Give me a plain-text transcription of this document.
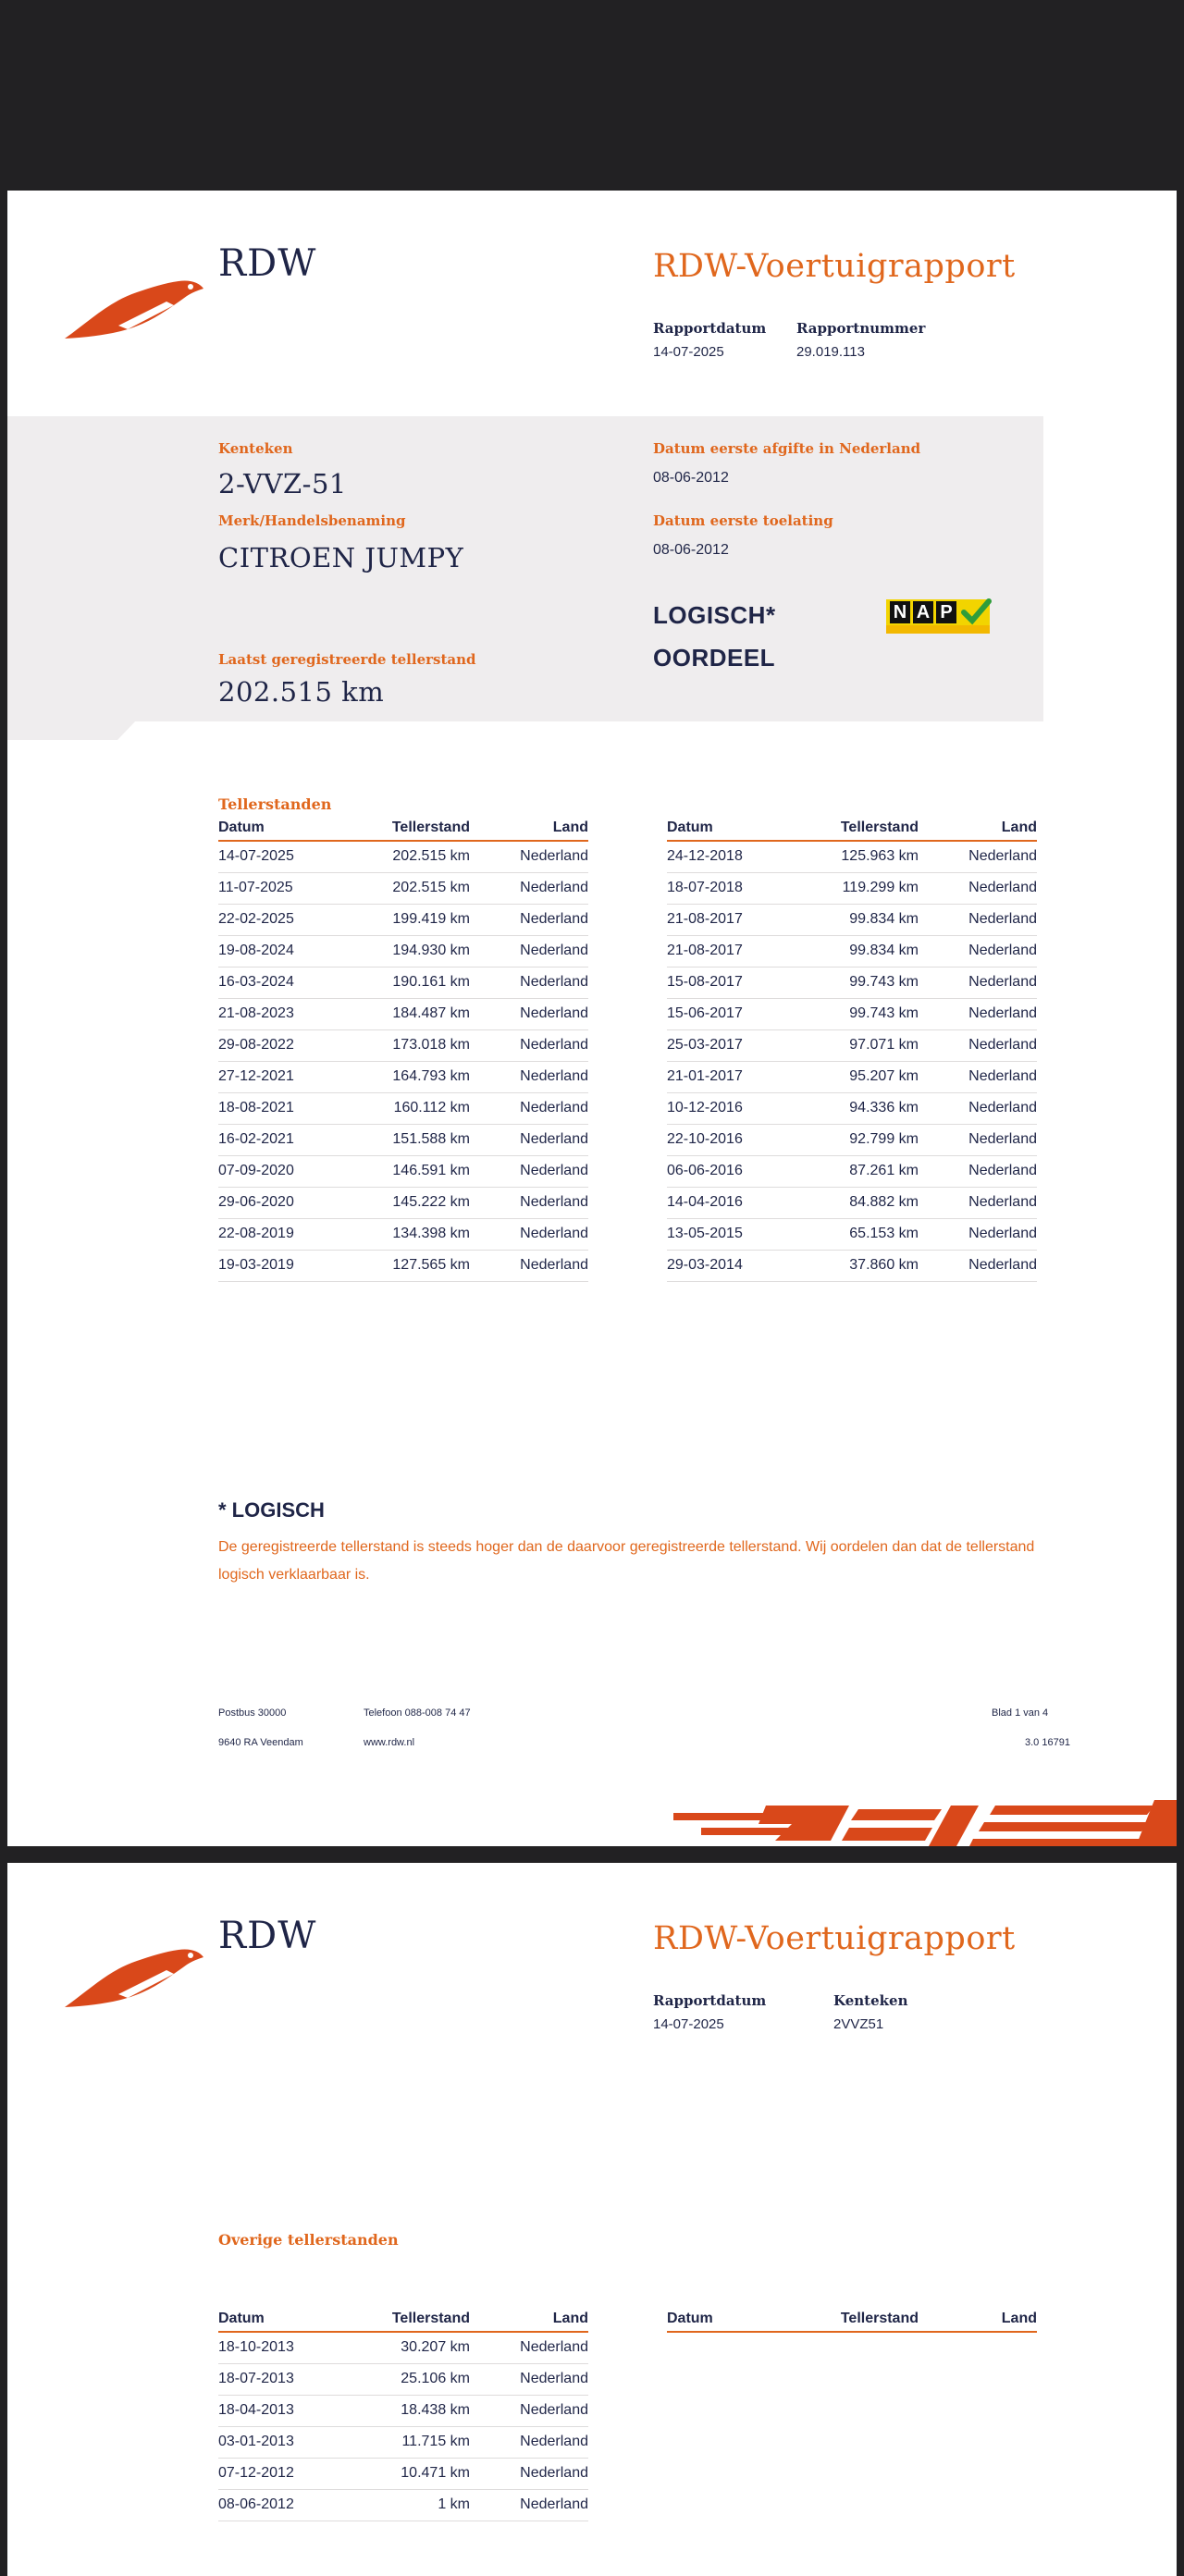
RDW	RDW-Voertuigrapport
Rapportdatum
14-07-2025
Rapportnummer
29.019.113
Kenteken
2-VVZ-51
Merk/Handelsbenaming
CITROEN JUMPY
Laatst geregistreerde tellerstand
202.515 km
Datum eerste afgifte in Nederland
08-06-2012
Datum eerste toelating
08-06-2012
LOGISCH*
OORDEEL
N A P
Tellerstanden
Datum	Tellerstand	Land
14-07-2025	202.515 km	Nederland
11-07-2025	202.515 km	Nederland
22-02-2025	199.419 km	Nederland
19-08-2024	194.930 km	Nederland
16-03-2024	190.161 km	Nederland
21-08-2023	184.487 km	Nederland
29-08-2022	173.018 km	Nederland
27-12-2021	164.793 km	Nederland
18-08-2021	160.112 km	Nederland
16-02-2021	151.588 km	Nederland
07-09-2020	146.591 km	Nederland
29-06-2020	145.222 km	Nederland
22-08-2019	134.398 km	Nederland
19-03-2019	127.565 km	Nederland
Datum	Tellerstand	Land
24-12-2018	125.963 km	Nederland
18-07-2018	119.299 km	Nederland
21-08-2017	99.834 km	Nederland
21-08-2017	99.834 km	Nederland
15-08-2017	99.743 km	Nederland
15-06-2017	99.743 km	Nederland
25-03-2017	97.071 km	Nederland
21-01-2017	95.207 km	Nederland
10-12-2016	94.336 km	Nederland
22-10-2016	92.799 km	Nederland
06-06-2016	87.261 km	Nederland
14-04-2016	84.882 km	Nederland
13-05-2015	65.153 km	Nederland
29-03-2014	37.860 km	Nederland
* LOGISCH
De geregistreerde tellerstand is steeds hoger dan de daarvoor geregistreerde tellerstand. Wij oordelen dan dat de tellerstand logisch verklaarbaar is.
Postbus 30000
9640 RA Veendam
Telefoon 088-008 74 47
www.rdw.nl
Blad 1 van 4
3.0 16791
RDW	RDW-Voertuigrapport
Rapportdatum
14-07-2025
Kenteken
2VVZ51
Overige tellerstanden
Datum	Tellerstand	Land
18-10-2013	30.207 km	Nederland
18-07-2013	25.106 km	Nederland
18-04-2013	18.438 km	Nederland
03-01-2013	11.715 km	Nederland
07-12-2012	10.471 km	Nederland
08-06-2012	1 km	Nederland
Datum	Tellerstand	Land
